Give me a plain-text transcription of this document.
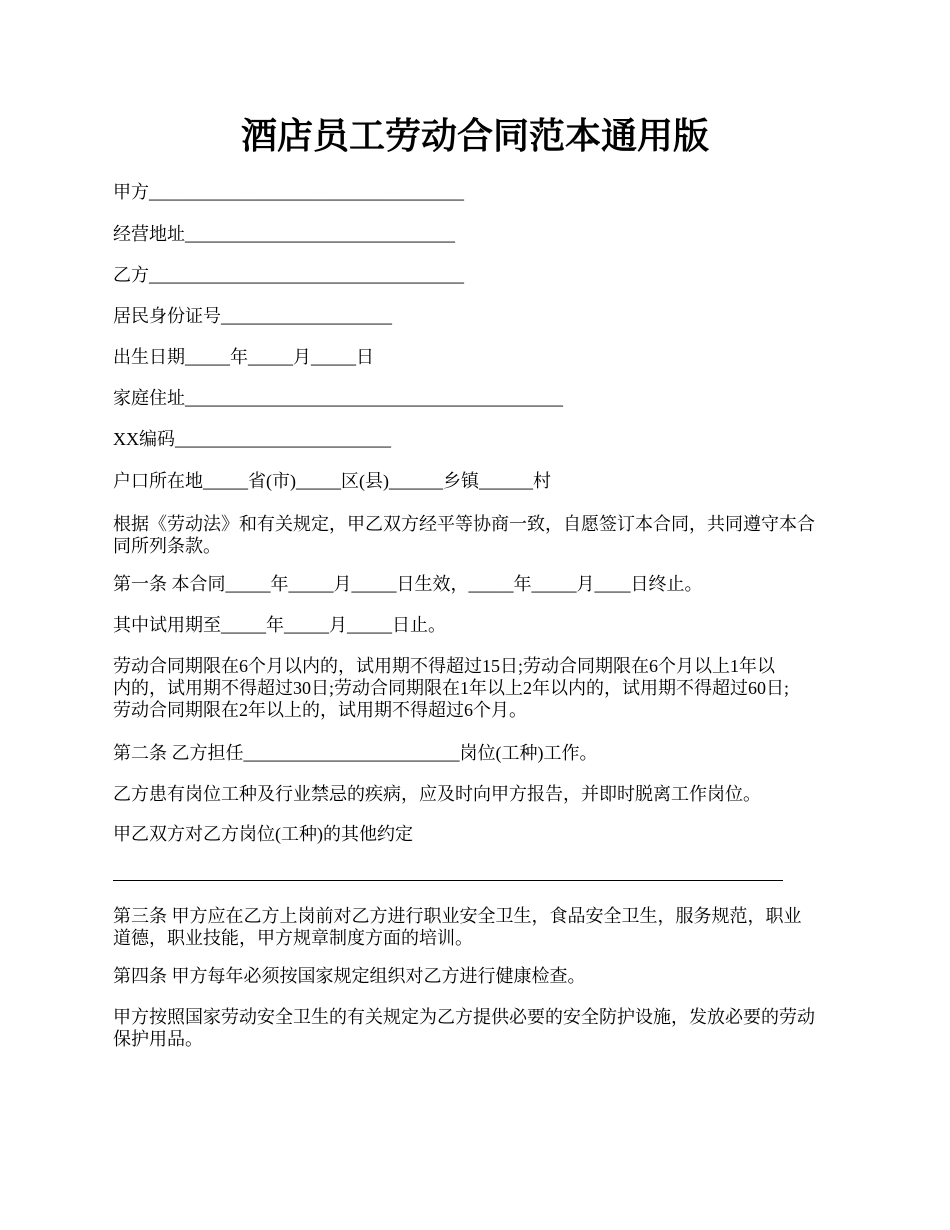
酒店员工劳动合同范本通用版

甲方___________________________________

经营地址______________________________

乙方___________________________________

居民身份证号___________________

出生日期_____年_____月_____日

家庭住址__________________________________________

XX编码________________________

户口所在地_____省(市)_____区(县)______乡镇______村

根据《劳动法》和有关规定，甲乙双方经平等协商一致，自愿签订本合同，共同遵守本合
同所列条款。

第一条 本合同_____年_____月_____日生效，_____年_____月____日终止。

其中试用期至_____年_____月_____日止。

劳动合同期限在6个月以内的，试用期不得超过15日;劳动合同期限在6个月以上1年以
内的，试用期不得超过30日;劳动合同期限在1年以上2年以内的，试用期不得超过60日;
劳动合同期限在2年以上的，试用期不得超过6个月。

第二条 乙方担任________________________岗位(工种)工作。

乙方患有岗位工种及行业禁忌的疾病，应及时向甲方报告，并即时脱离工作岗位。

甲乙双方对乙方岗位(工种)的其他约定

第三条 甲方应在乙方上岗前对乙方进行职业安全卫生，食品安全卫生，服务规范，职业
道德，职业技能，甲方规章制度方面的培训。

第四条 甲方每年必须按国家规定组织对乙方进行健康检查。

甲方按照国家劳动安全卫生的有关规定为乙方提供必要的安全防护设施，发放必要的劳动
保护用品。
